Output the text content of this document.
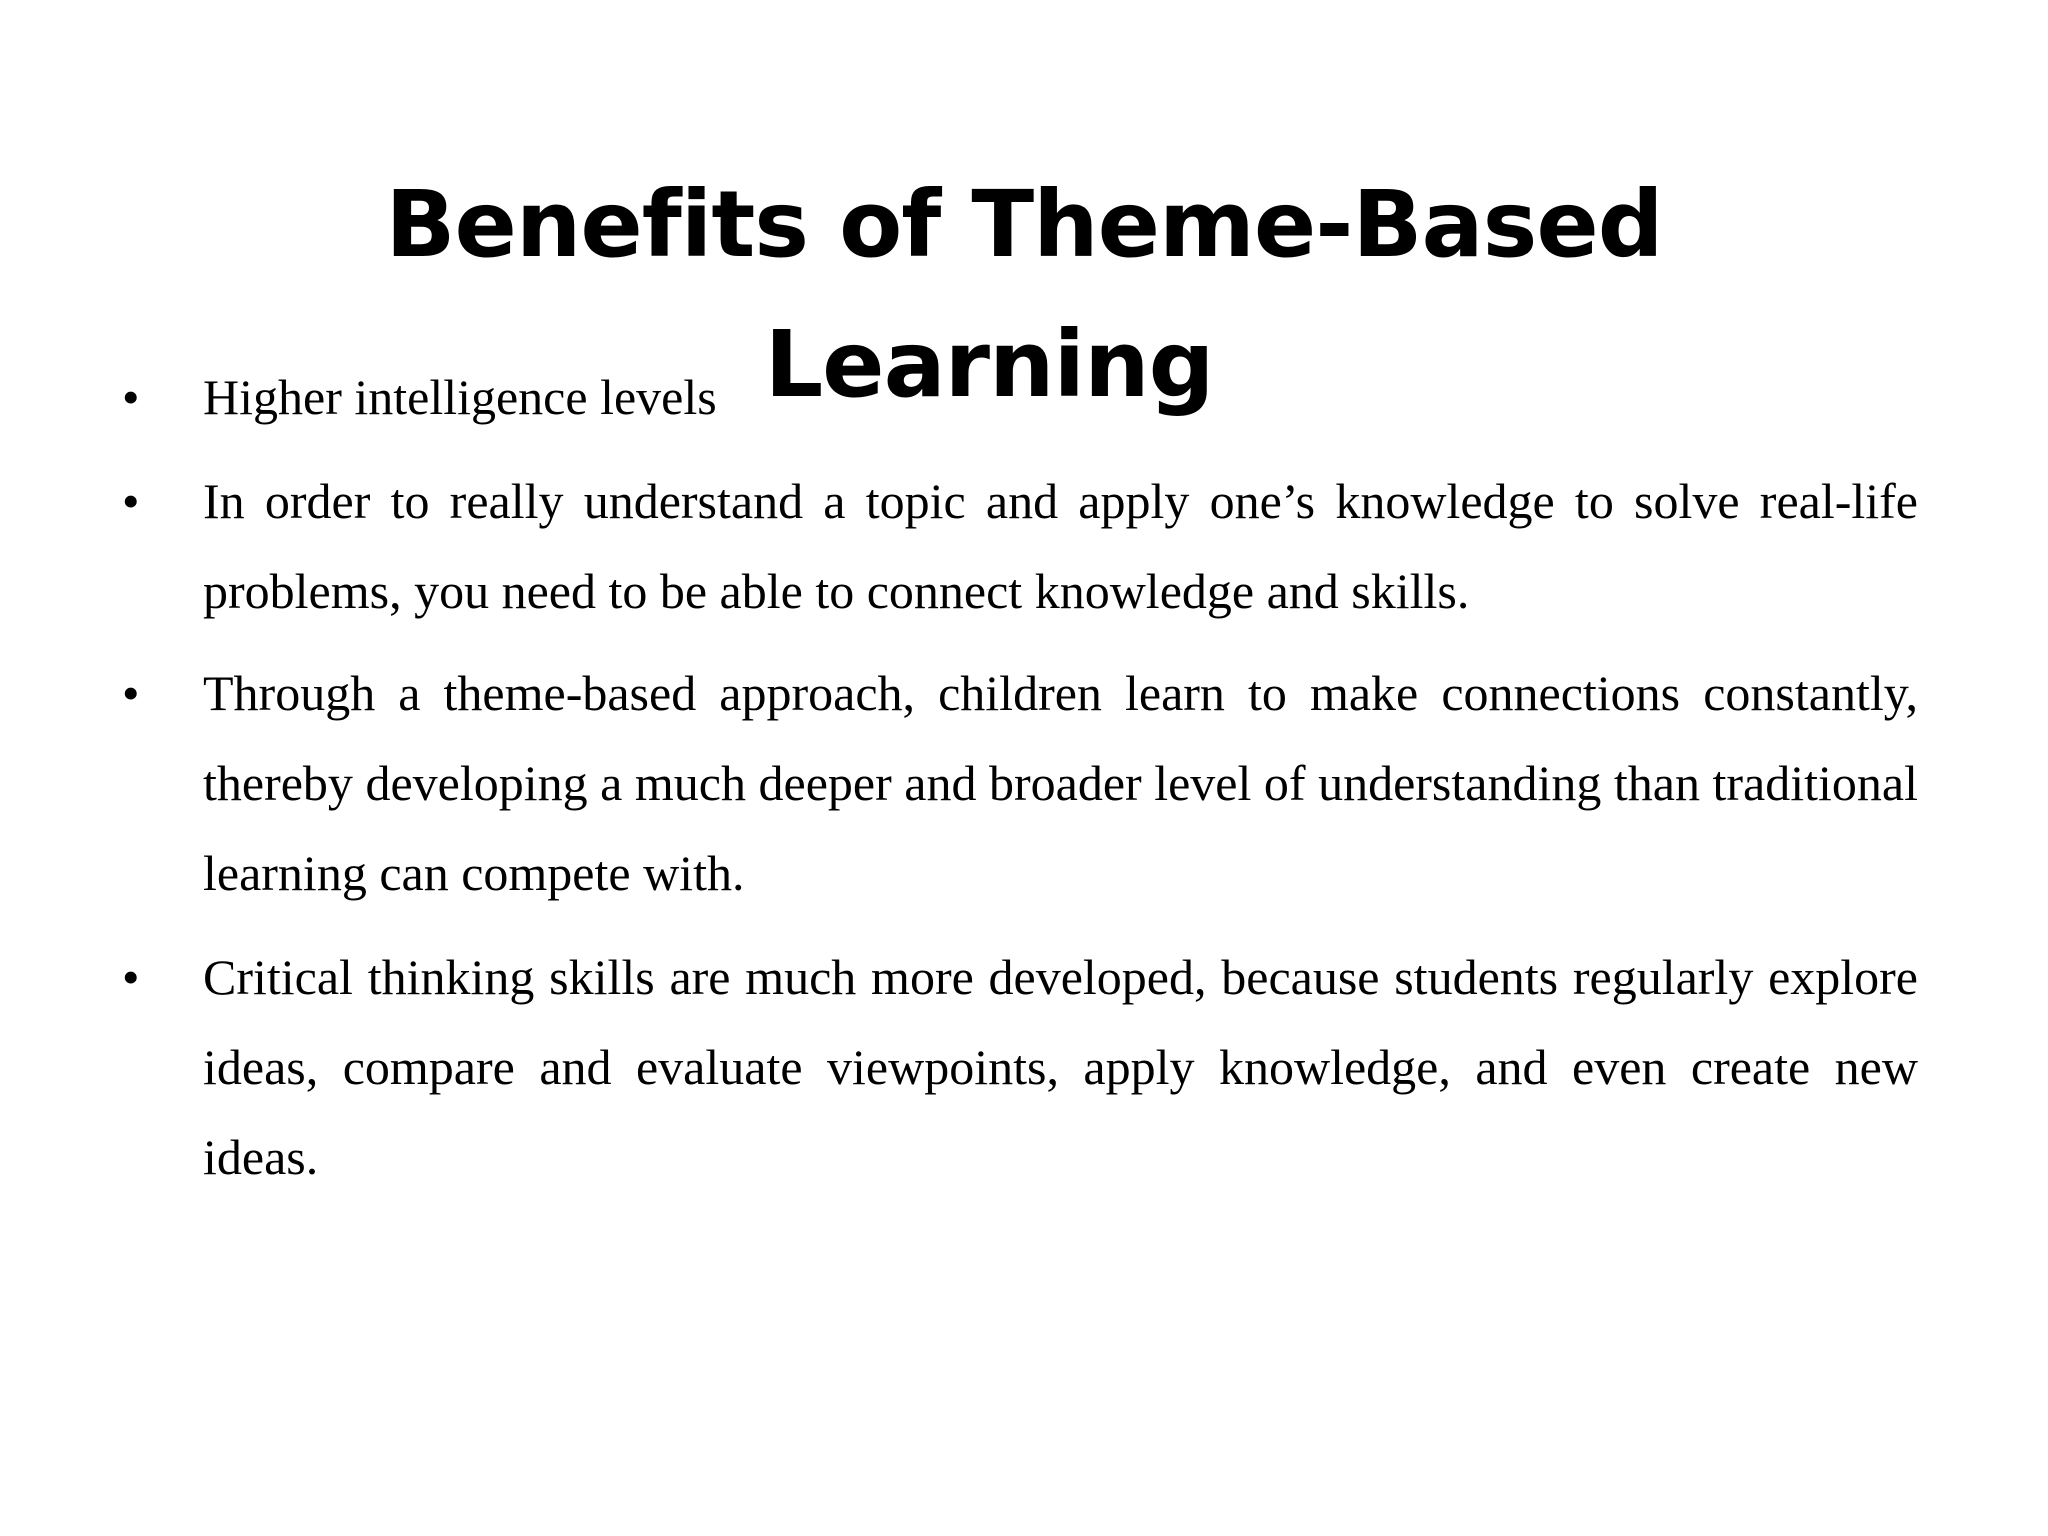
• Higher intelligence levels
• In order to really understand a topic and apply one’s knowledge to solve real-life problems, you need to be able to connect knowledge and skills.
• Through a theme-based approach, children learn to make connections constantly, thereby developing a much deeper and broader level of understanding than traditional learning can compete with.
• Critical thinking skills are much more developed, because students regularly explore ideas, compare and evaluate viewpoints, apply knowledge, and even create new ideas.
Benefits of Theme-Based
Learning
